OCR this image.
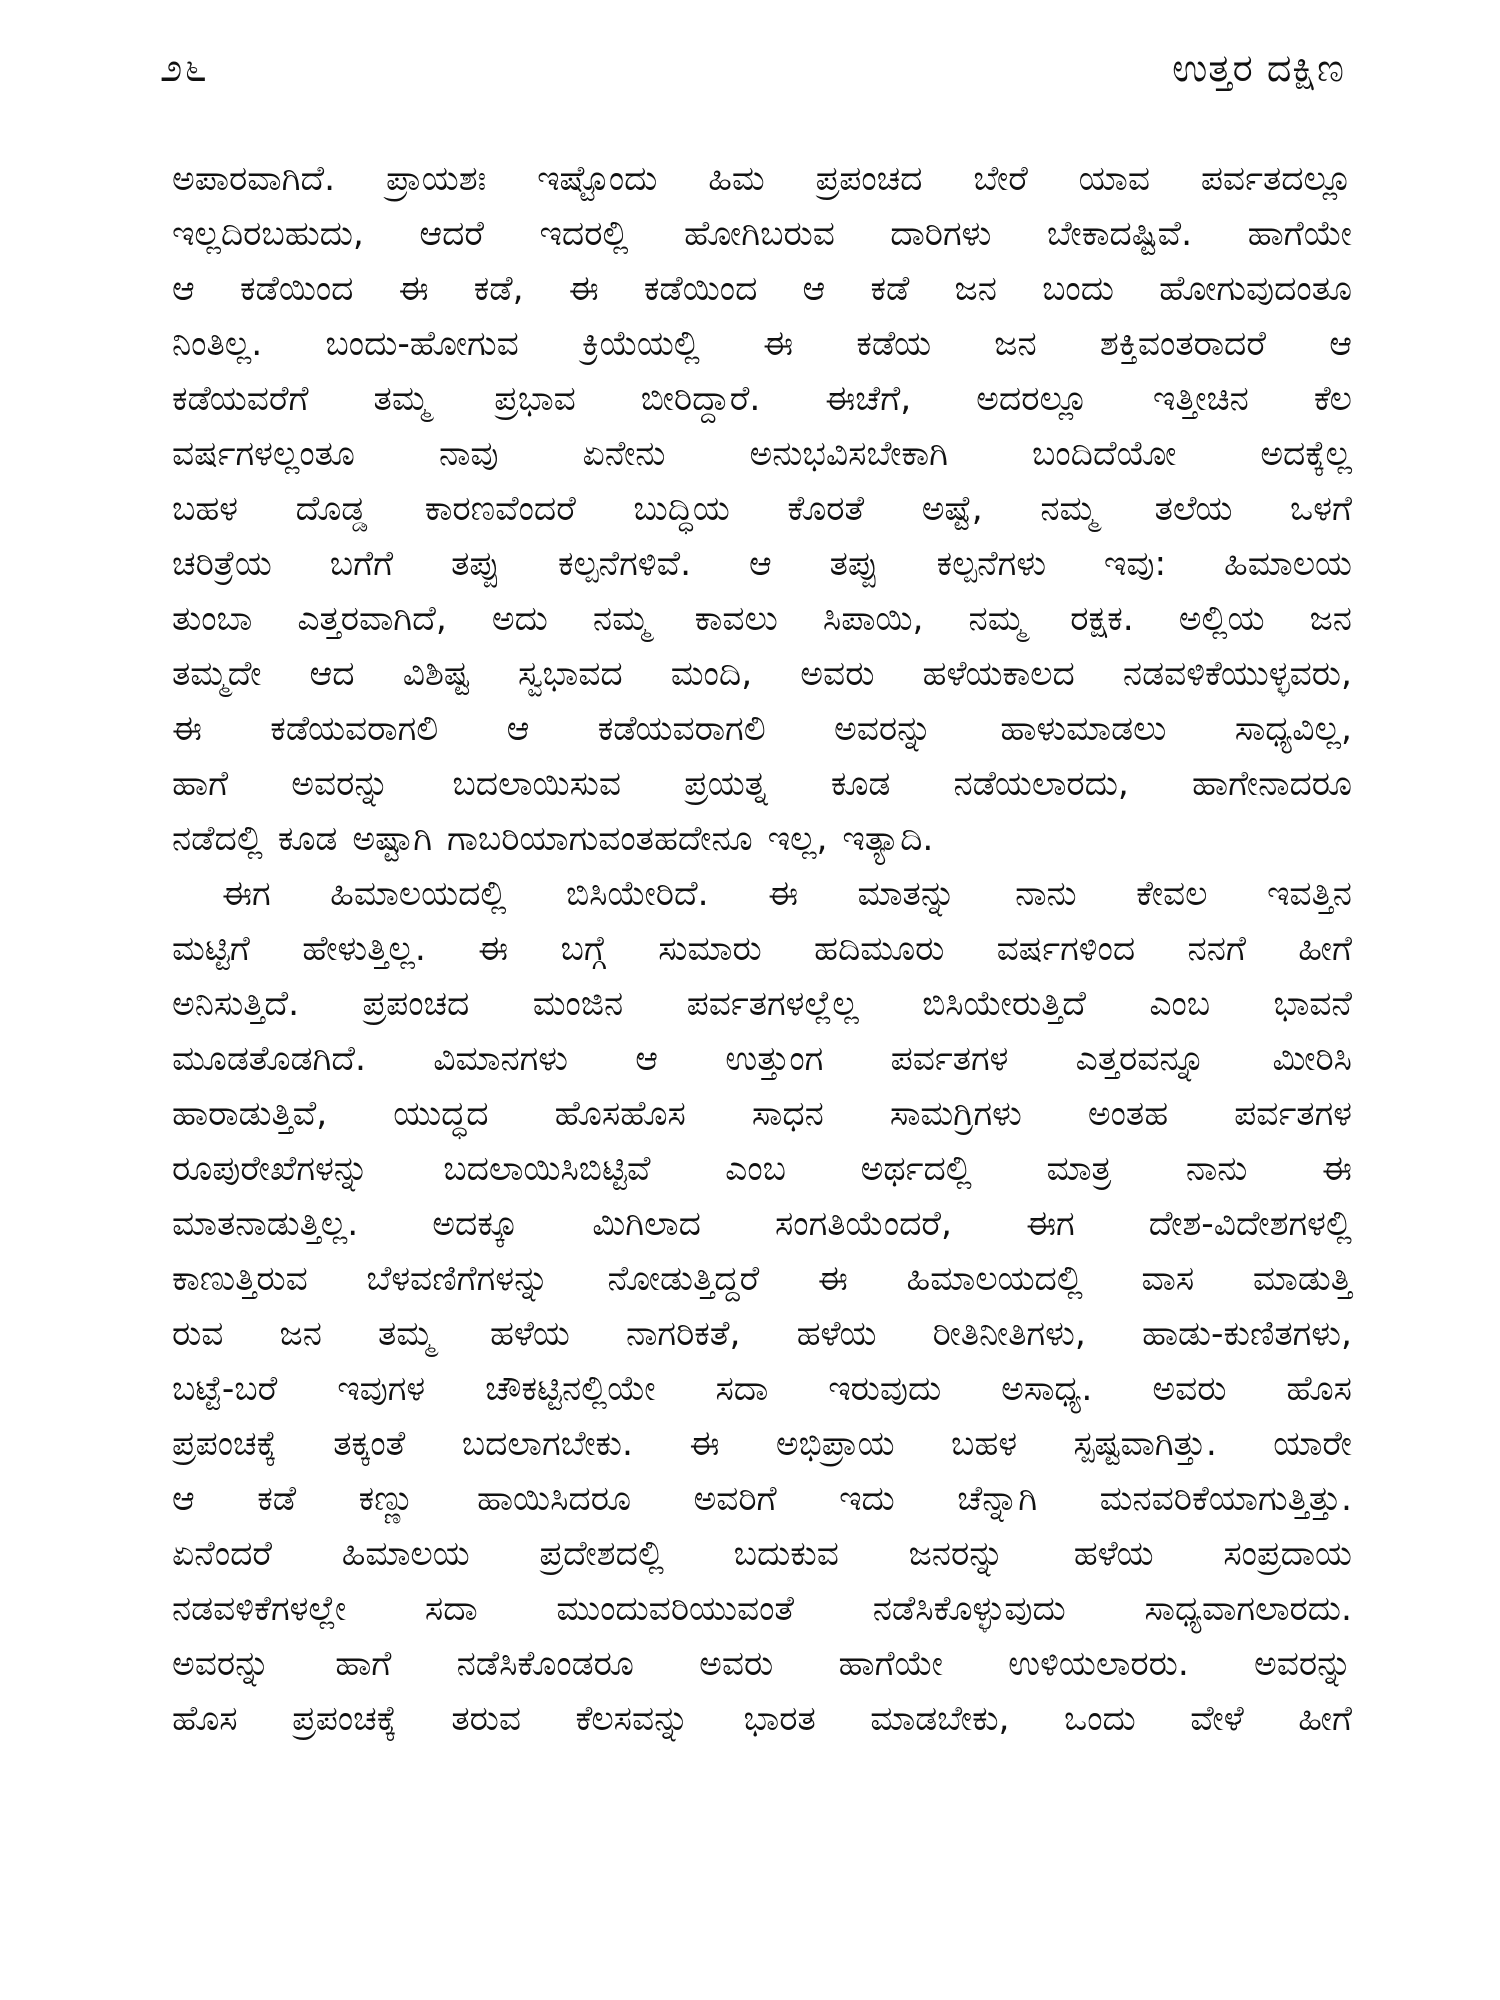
೨೬	ಉತ್ತರ ದಕ್ಷಿಣ
ಅಪಾರವಾಗಿದೆ. ಪ್ರಾಯಶಃ ಇಷ್ಟೊಂದು ಹಿಮ ಪ್ರಪಂಚದ ಬೇರೆ ಯಾವ ಪರ್ವತದಲ್ಲೂ
ಇಲ್ಲದಿರಬಹುದು, ಆದರೆ ಇದರಲ್ಲಿ ಹೋಗಿಬರುವ ದಾರಿಗಳು ಬೇಕಾದಷ್ಟಿವೆ. ಹಾಗೆಯೇ
ಆ ಕಡೆಯಿಂದ ಈ ಕಡೆ, ಈ ಕಡೆಯಿಂದ ಆ ಕಡೆ ಜನ ಬಂದು ಹೋಗುವುದಂತೂ
ನಿಂತಿಲ್ಲ. ಬಂದು-ಹೋಗುವ ಕ್ರಿಯೆಯಲ್ಲಿ ಈ ಕಡೆಯ ಜನ ಶಕ್ತಿವಂತರಾದರೆ ಆ
ಕಡೆಯವರೆಗೆ ತಮ್ಮ ಪ್ರಭಾವ ಬೀರಿದ್ದಾರೆ. ಈಚೆಗೆ, ಅದರಲ್ಲೂ ಇತ್ತೀಚಿನ ಕೆಲ
ವರ್ಷಗಳಲ್ಲಂತೂ ನಾವು ಏನೇನು ಅನುಭವಿಸಬೇಕಾಗಿ ಬಂದಿದೆಯೋ ಅದಕ್ಕೆಲ್ಲ
ಬಹಳ ದೊಡ್ಡ ಕಾರಣವೆಂದರೆ ಬುದ್ಧಿಯ ಕೊರತೆ ಅಷ್ಟೆ, ನಮ್ಮ ತಲೆಯ ಒಳಗೆ
ಚರಿತ್ರೆಯ ಬಗೆಗೆ ತಪ್ಪು ಕಲ್ಪನೆಗಳಿವೆ. ಆ ತಪ್ಪು ಕಲ್ಪನೆಗಳು ಇವು: ಹಿಮಾಲಯ
ತುಂಬಾ ಎತ್ತರವಾಗಿದೆ, ಅದು ನಮ್ಮ ಕಾವಲು ಸಿಪಾಯಿ, ನಮ್ಮ ರಕ್ಷಕ. ಅಲ್ಲಿಯ ಜನ
ತಮ್ಮದೇ ಆದ ವಿಶಿಷ್ಟ ಸ್ವಭಾವದ ಮಂದಿ, ಅವರು ಹಳೆಯಕಾಲದ ನಡವಳಿಕೆಯುಳ್ಳವರು,
ಈ ಕಡೆಯವರಾಗಲಿ ಆ ಕಡೆಯವರಾಗಲಿ ಅವರನ್ನು ಹಾಳುಮಾಡಲು ಸಾಧ್ಯವಿಲ್ಲ,
ಹಾಗೆ ಅವರನ್ನು ಬದಲಾಯಿಸುವ ಪ್ರಯತ್ನ ಕೂಡ ನಡೆಯಲಾರದು, ಹಾಗೇನಾದರೂ
ನಡೆದಲ್ಲಿ ಕೂಡ ಅಷ್ಟಾಗಿ ಗಾಬರಿಯಾಗುವಂತಹದೇನೂ ಇಲ್ಲ, ಇತ್ಯಾದಿ.
ಈಗ ಹಿಮಾಲಯದಲ್ಲಿ ಬಿಸಿಯೇರಿದೆ. ಈ ಮಾತನ್ನು ನಾನು ಕೇವಲ ಇವತ್ತಿನ
ಮಟ್ಟಿಗೆ ಹೇಳುತ್ತಿಲ್ಲ. ಈ ಬಗ್ಗೆ ಸುಮಾರು ಹದಿಮೂರು ವರ್ಷಗಳಿಂದ ನನಗೆ ಹೀಗೆ
ಅನಿಸುತ್ತಿದೆ. ಪ್ರಪಂಚದ ಮಂಜಿನ ಪರ್ವತಗಳಲ್ಲೆಲ್ಲ ಬಿಸಿಯೇರುತ್ತಿದೆ ಎಂಬ ಭಾವನೆ
ಮೂಡತೊಡಗಿದೆ. ವಿಮಾನಗಳು ಆ ಉತ್ತುಂಗ ಪರ್ವತಗಳ ಎತ್ತರವನ್ನೂ ಮೀರಿಸಿ
ಹಾರಾಡುತ್ತಿವೆ, ಯುದ್ಧದ ಹೊಸಹೊಸ ಸಾಧನ ಸಾಮಗ್ರಿಗಳು ಅಂತಹ ಪರ್ವತಗಳ
ರೂಪುರೇಖೆಗಳನ್ನು ಬದಲಾಯಿಸಿಬಿಟ್ಟಿವೆ ಎಂಬ ಅರ್ಥದಲ್ಲಿ ಮಾತ್ರ ನಾನು ಈ
ಮಾತನಾಡುತ್ತಿಲ್ಲ. ಅದಕ್ಕೂ ಮಿಗಿಲಾದ ಸಂಗತಿಯೆಂದರೆ, ಈಗ ದೇಶ-ವಿದೇಶಗಳಲ್ಲಿ
ಕಾಣುತ್ತಿರುವ ಬೆಳವಣಿಗೆಗಳನ್ನು ನೋಡುತ್ತಿದ್ದರೆ ಈ ಹಿಮಾಲಯದಲ್ಲಿ ವಾಸ ಮಾಡುತ್ತಿ
ರುವ ಜನ ತಮ್ಮ ಹಳೆಯ ನಾಗರಿಕತೆ, ಹಳೆಯ ರೀತಿನೀತಿಗಳು, ಹಾಡು-ಕುಣಿತಗಳು,
ಬಟ್ಟೆ-ಬರೆ ಇವುಗಳ ಚೌಕಟ್ಟಿನಲ್ಲಿಯೇ ಸದಾ ಇರುವುದು ಅಸಾಧ್ಯ. ಅವರು ಹೊಸ
ಪ್ರಪಂಚಕ್ಕೆ ತಕ್ಕಂತೆ ಬದಲಾಗಬೇಕು. ಈ ಅಭಿಪ್ರಾಯ ಬಹಳ ಸ್ಪಷ್ಟವಾಗಿತ್ತು. ಯಾರೇ
ಆ ಕಡೆ ಕಣ್ಣು ಹಾಯಿಸಿದರೂ ಅವರಿಗೆ ಇದು ಚೆನ್ನಾಗಿ ಮನವರಿಕೆಯಾಗುತ್ತಿತ್ತು.
ಏನೆಂದರೆ ಹಿಮಾಲಯ ಪ್ರದೇಶದಲ್ಲಿ ಬದುಕುವ ಜನರನ್ನು ಹಳೆಯ ಸಂಪ್ರದಾಯ
ನಡವಳಿಕೆಗಳಲ್ಲೇ ಸದಾ ಮುಂದುವರಿಯುವಂತೆ ನಡೆಸಿಕೊಳ್ಳುವುದು ಸಾಧ್ಯವಾಗಲಾರದು.
ಅವರನ್ನು ಹಾಗೆ ನಡೆಸಿಕೊಂಡರೂ ಅವರು ಹಾಗೆಯೇ ಉಳಿಯಲಾರರು. ಅವರನ್ನು
ಹೊಸ ಪ್ರಪಂಚಕ್ಕೆ ತರುವ ಕೆಲಸವನ್ನು ಭಾರತ ಮಾಡಬೇಕು, ಒಂದು ವೇಳೆ ಹೀಗೆ
